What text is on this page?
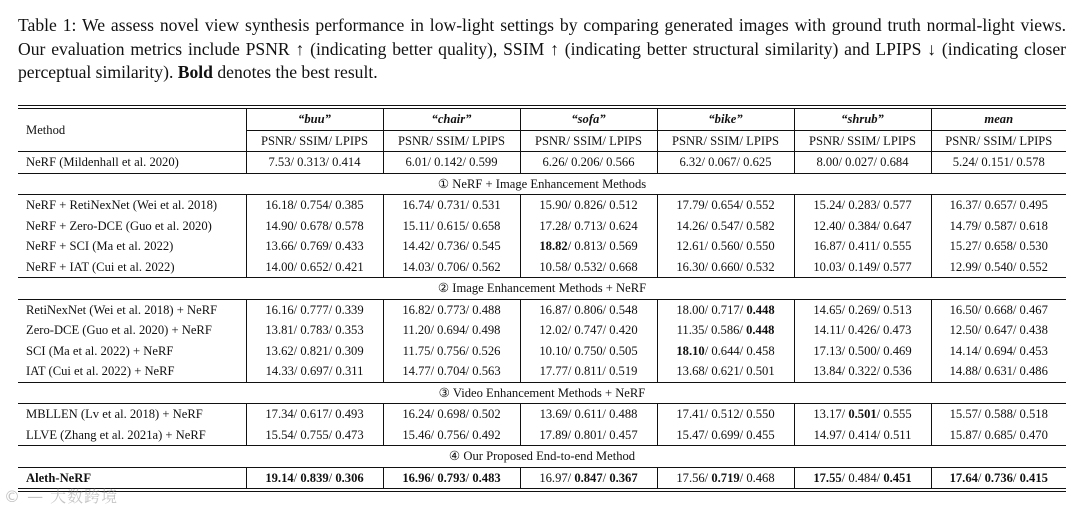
Table 1: We assess novel view synthesis performance in low-light settings by comparing generated images with ground truth normal-light views. Our evaluation metrics include PSNR ↑ (indicating better quality), SSIM ↑ (indicating better structural similarity) and LPIPS ↓ (indicating closer perceptual similarity). Bold denotes the best result.
Method	“buu”	“chair”	“sofa”	“bike”	“shrub”	mean
	PSNR/ SSIM/ LPIPS	PSNR/ SSIM/ LPIPS	PSNR/ SSIM/ LPIPS	PSNR/ SSIM/ LPIPS	PSNR/ SSIM/ LPIPS	PSNR/ SSIM/ LPIPS
NeRF (Mildenhall et al. 2020)	7.53/ 0.313/ 0.414	6.01/ 0.142/ 0.599	6.26/ 0.206/ 0.566	6.32/ 0.067/ 0.625	8.00/ 0.027/ 0.684	5.24/ 0.151/ 0.578
① NeRF + Image Enhancement Methods						
NeRF + RetiNexNet (Wei et al. 2018)	16.18/ 0.754/ 0.385	16.74/ 0.731/ 0.531	15.90/ 0.826/ 0.512	17.79/ 0.654/ 0.552	15.24/ 0.283/ 0.577	16.37/ 0.657/ 0.495
NeRF + Zero-DCE (Guo et al. 2020)	14.90/ 0.678/ 0.578	15.11/ 0.615/ 0.658	17.28/ 0.713/ 0.624	14.26/ 0.547/ 0.582	12.40/ 0.384/ 0.647	14.79/ 0.587/ 0.618
NeRF + SCI (Ma et al. 2022)	13.66/ 0.769/ 0.433	14.42/ 0.736/ 0.545	18.82/ 0.813/ 0.569	12.61/ 0.560/ 0.550	16.87/ 0.411/ 0.555	15.27/ 0.658/ 0.530
NeRF + IAT (Cui et al. 2022)	14.00/ 0.652/ 0.421	14.03/ 0.706/ 0.562	10.58/ 0.532/ 0.668	16.30/ 0.660/ 0.532	10.03/ 0.149/ 0.577	12.99/ 0.540/ 0.552
② Image Enhancement Methods + NeRF						
RetiNexNet (Wei et al. 2018) + NeRF	16.16/ 0.777/ 0.339	16.82/ 0.773/ 0.488	16.87/ 0.806/ 0.548	18.00/ 0.717/ 0.448	14.65/ 0.269/ 0.513	16.50/ 0.668/ 0.467
Zero-DCE (Guo et al. 2020) + NeRF	13.81/ 0.783/ 0.353	11.20/ 0.694/ 0.498	12.02/ 0.747/ 0.420	11.35/ 0.586/ 0.448	14.11/ 0.426/ 0.473	12.50/ 0.647/ 0.438
SCI (Ma et al. 2022) + NeRF	13.62/ 0.821/ 0.309	11.75/ 0.756/ 0.526	10.10/ 0.750/ 0.505	18.10/ 0.644/ 0.458	17.13/ 0.500/ 0.469	14.14/ 0.694/ 0.453
IAT (Cui et al. 2022) + NeRF	14.33/ 0.697/ 0.311	14.77/ 0.704/ 0.563	17.77/ 0.811/ 0.519	13.68/ 0.621/ 0.501	13.84/ 0.322/ 0.536	14.88/ 0.631/ 0.486
③ Video Enhancement Methods + NeRF						
MBLLEN (Lv et al. 2018) + NeRF	17.34/ 0.617/ 0.493	16.24/ 0.698/ 0.502	13.69/ 0.611/ 0.488	17.41/ 0.512/ 0.550	13.17/ 0.501/ 0.555	15.57/ 0.588/ 0.518
LLVE (Zhang et al. 2021a) + NeRF	15.54/ 0.755/ 0.473	15.46/ 0.756/ 0.492	17.89/ 0.801/ 0.457	15.47/ 0.699/ 0.455	14.97/ 0.414/ 0.511	15.87/ 0.685/ 0.470
④ Our Proposed End-to-end Method						
Aleth-NeRF	19.14/ 0.839/ 0.306	16.96/ 0.793/ 0.483	16.97/ 0.847/ 0.367	17.56/ 0.719/ 0.468	17.55/ 0.484/ 0.451	17.64/ 0.736/ 0.415
© — 大数跨境
